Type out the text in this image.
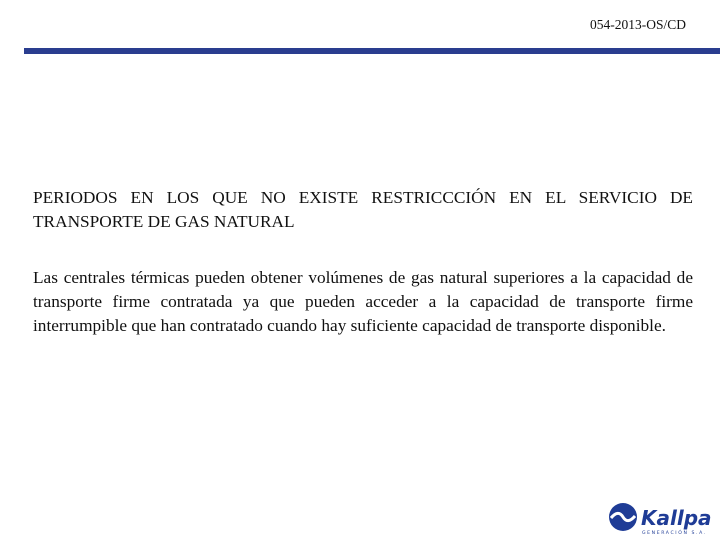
054-2013-OS/CD
PERIODOS EN LOS QUE NO EXISTE RESTRICCCIÓN EN EL SERVICIO DE TRANSPORTE DE GAS NATURAL

Las centrales térmicas pueden obtener volúmenes de gas natural superiores a la capacidad de transporte firme contratada ya que pueden acceder a la capacidad de transporte firme interrumpible que han contratado cuando hay suficiente capacidad de transporte disponible.

Kallpa
GENERACIÓN S.A.
